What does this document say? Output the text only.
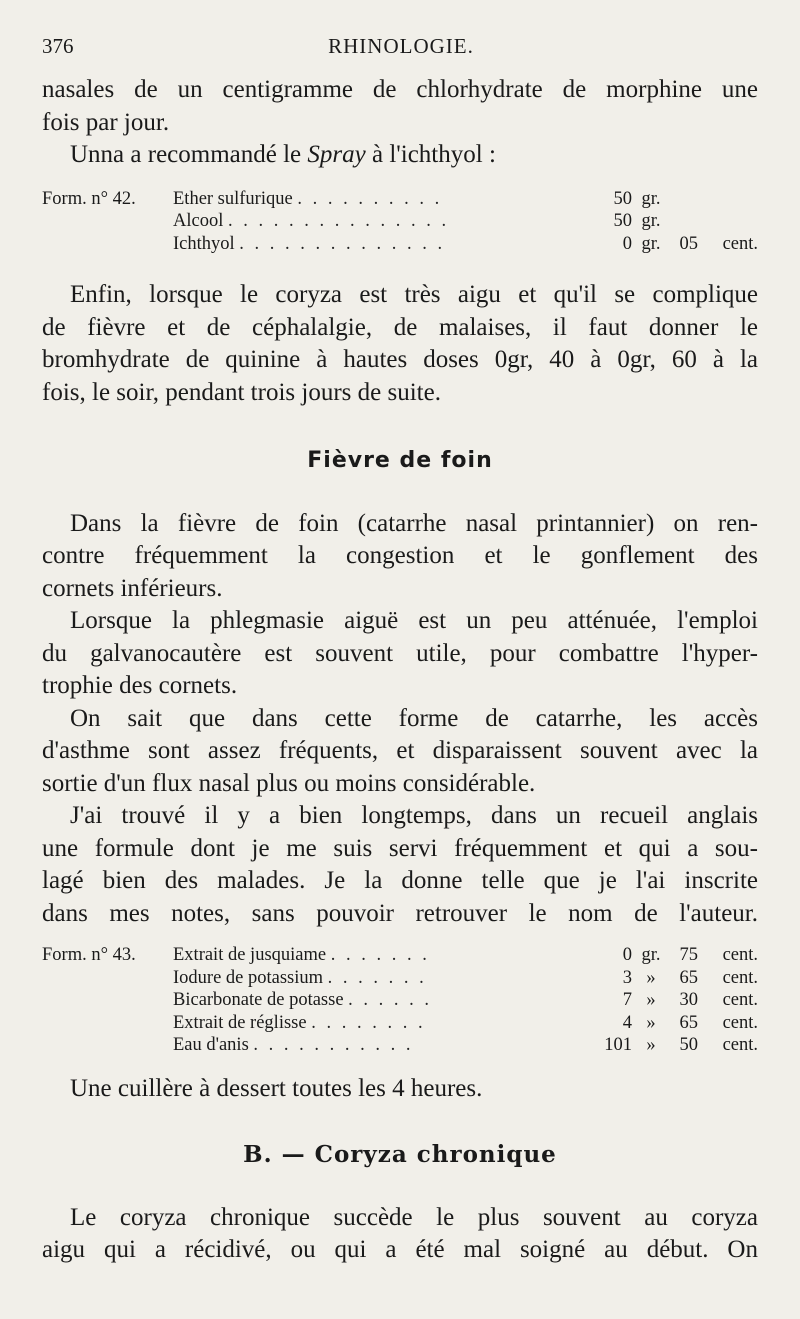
376	RHINOLOGIE.

nasales de un centigramme de chlorhydrate de morphine une

fois par jour.

Unna a recommandé le Spray à l'ichthyol :

Form. n° 42.	Ether sulfurique . . . . . . . . . .	50 gr.
Alcool . . . . . . . . . . . . . . .	50 gr.
Ichthyol . . . . . . . . . . . . . .	0 gr.	05	cent.

Enfin, lorsque le coryza est très aigu et qu'il se complique

de fièvre et de céphalalgie, de malaises, il faut donner le

bromhydrate de quinine à hautes doses 0gr, 40 à 0gr, 60 à la

fois, le soir, pendant trois jours de suite.

Fièvre de foin

Dans la fièvre de foin (catarrhe nasal printannier) on ren-

contre fréquemment la congestion et le gonflement des

cornets inférieurs.

Lorsque la phlegmasie aiguë est un peu atténuée, l'emploi

du galvanocautère est souvent utile, pour combattre l'hyper-

trophie des cornets.

On sait que dans cette forme de catarrhe, les accès

d'asthme sont assez fréquents, et disparaissent souvent avec la

sortie d'un flux nasal plus ou moins considérable.

J'ai trouvé il y a bien longtemps, dans un recueil anglais

une formule dont je me suis servi fréquemment et qui a sou-

lagé bien des malades. Je la donne telle que je l'ai inscrite

dans mes notes, sans pouvoir retrouver le nom de l'auteur.

Form. n° 43.	Extrait de jusquiame . . . . . . .	0 gr.	75	cent.
Iodure de potassium . . . . . . .	3 »	65	cent.
Bicarbonate de potasse . . . . . .	7 »	30	cent.
Extrait de réglisse . . . . . . . .	4 »	65	cent.
Eau d'anis . . . . . . . . . . .	101 »	50	cent.

Une cuillère à dessert toutes les 4 heures.

B. — Coryza chronique

Le coryza chronique succède le plus souvent au coryza

aigu qui a récidivé, ou qui a été mal soigné au début. On
